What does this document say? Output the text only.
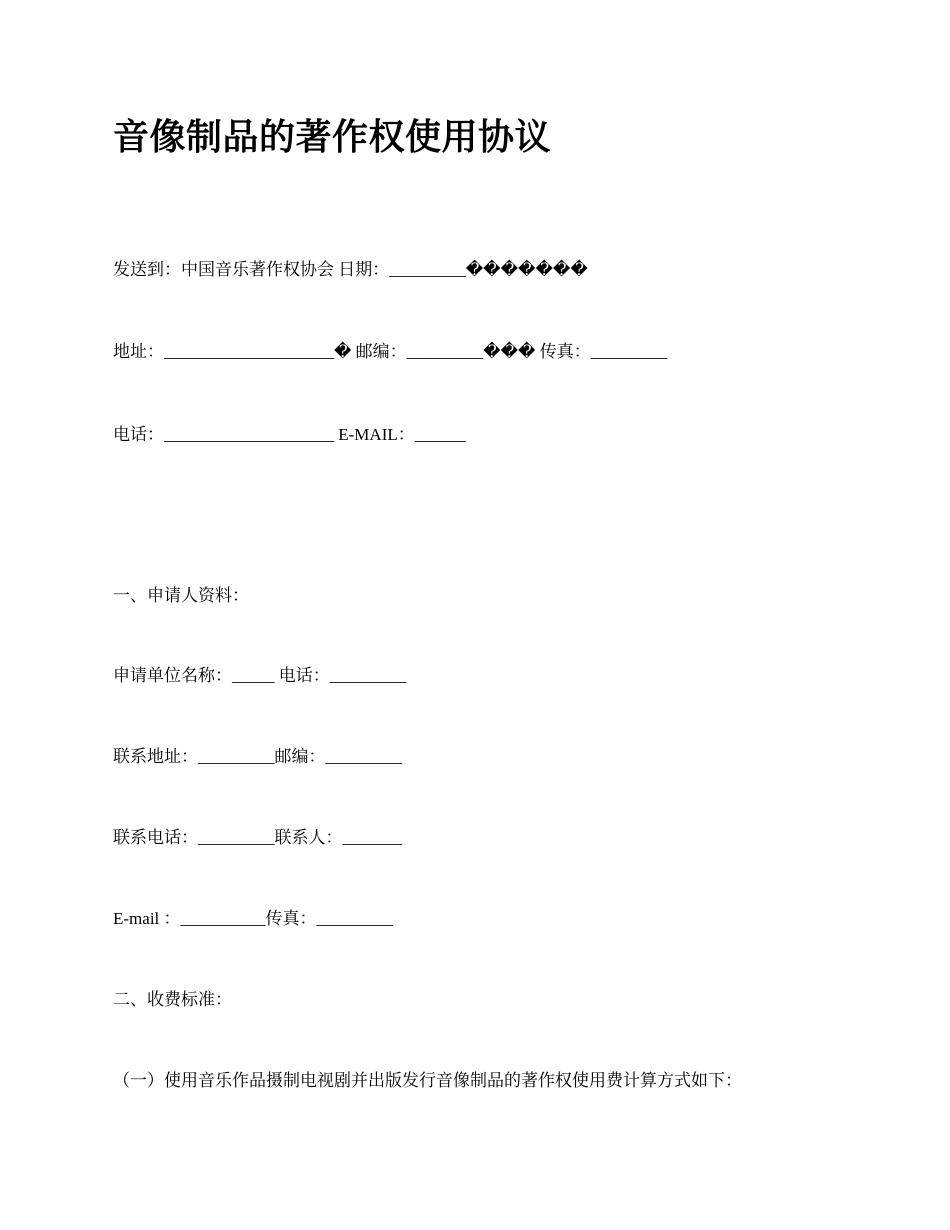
音像制品的著作权使用协议

发送到：中国音乐著作权协会 日期：_________�������

地址：____________________� 邮编：_________��� 传真：_________

电话：____________________ E-MAIL：______

一、申请人资料：

申请单位名称：_____ 电话：_________

联系地址：_________邮编：_________

联系电话：_________联系人：_______

E-mail ：__________传真：_________

二、收费标准：

（一）使用音乐作品摄制电视剧并出版发行音像制品的著作权使用费计算方式如下：
